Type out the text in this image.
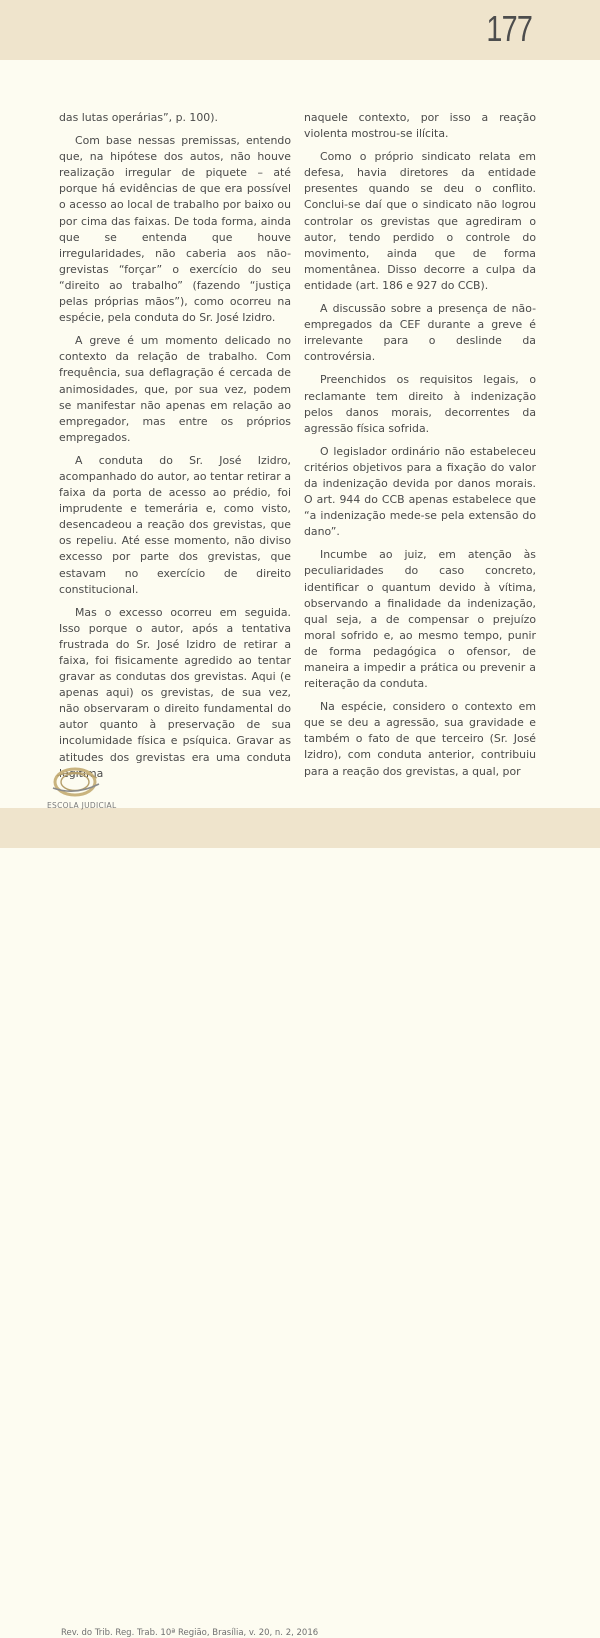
177

das lutas operárias”, p. 100).

Com base nessas premissas, entendo que, na hipótese dos autos, não houve realização irregular de piquete – até porque há evidências de que era possível o acesso ao local de trabalho por baixo ou por cima das faixas. De toda forma, ainda que se entenda que houve irregularidades, não caberia aos não-grevistas “forçar” o exercício do seu “direito ao trabalho” (fazendo “justiça pelas próprias mãos”), como ocorreu na espécie, pela conduta do Sr. José Izidro.

A greve é um momento delicado no contexto da relação de trabalho. Com frequência, sua deflagração é cercada de animosidades, que, por sua vez, podem se manifestar não apenas em relação ao empregador, mas entre os próprios empregados.

A conduta do Sr. José Izidro, acompanhado do autor, ao tentar retirar a faixa da porta de acesso ao prédio, foi imprudente e temerária e, como visto, desencadeou a reação dos grevistas, que os repeliu. Até esse momento, não diviso excesso por parte dos grevistas, que estavam no exercício de direito constitucional.

Mas o excesso ocorreu em seguida. Isso porque o autor, após a tentativa frustrada do Sr. José Izidro de retirar a faixa, foi fisicamente agredido ao tentar gravar as condutas dos grevistas. Aqui (e apenas aqui) os grevistas, de sua vez, não observaram o direito fundamental do autor quanto à preservação de sua incolumidade física e psíquica. Gravar as atitudes dos grevistas era uma conduta legítima

naquele contexto, por isso a reação violenta mostrou-se ilícita.

Como o próprio sindicato relata em defesa, havia diretores da entidade presentes quando se deu o conflito. Conclui-se daí que o sindicato não logrou controlar os grevistas que agrediram o autor, tendo perdido o controle do movimento, ainda que de forma momentânea. Disso decorre a culpa da entidade (art. 186 e 927 do CCB).

A discussão sobre a presença de não-empregados da CEF durante a greve é irrelevante para o deslinde da controvérsia.

Preenchidos os requisitos legais, o reclamante tem direito à indenização pelos danos morais, decorrentes da agressão física sofrida.

O legislador ordinário não estabeleceu critérios objetivos para a fixação do valor da indenização devida por danos morais. O art. 944 do CCB apenas estabelece que “a indenização mede-se pela extensão do dano”.

Incumbe ao juiz, em atenção às peculiaridades do caso concreto, identificar o quantum devido à vítima, observando a finalidade da indenização, qual seja, a de compensar o prejuízo moral sofrido e, ao mesmo tempo, punir de forma pedagógica o ofensor, de maneira a impedir a prática ou prevenir a reiteração da conduta.

Na espécie, considero o contexto em que se deu a agressão, sua gravidade e também o fato de que terceiro (Sr. José Izidro), com conduta anterior, contribuiu para a reação dos grevistas, a qual, por

Rev. do Trib. Reg. Trab. 10ª Região, Brasília, v. 20, n. 2, 2016
ESCOLA JUDICIAL
